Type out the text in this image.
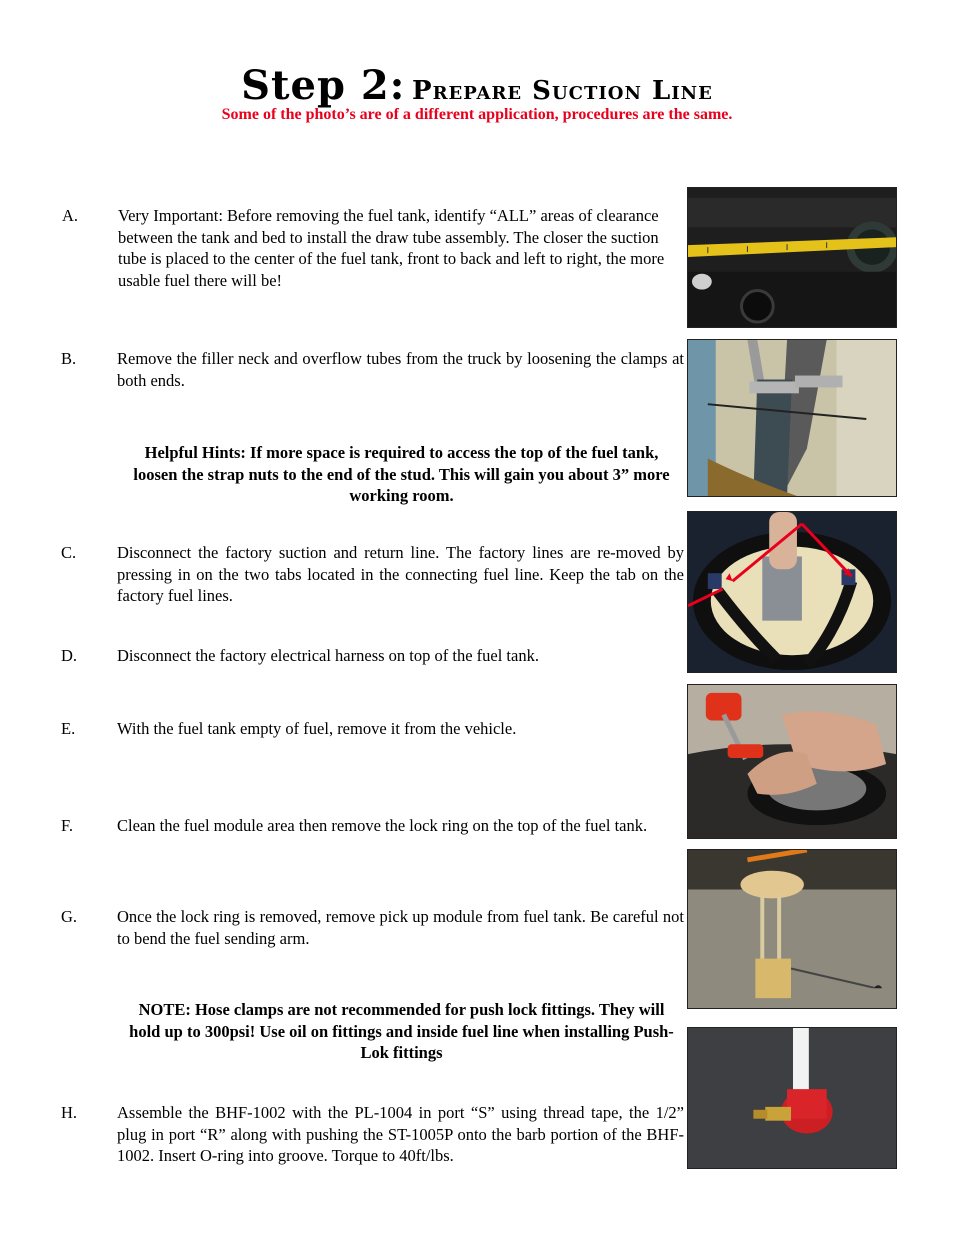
Step 2: Prepare Suction Line
Some of the photo’s are of a different application, procedures are the same.
A. Very Important: Before removing the fuel tank, identify “ALL” areas of clearance between the tank and bed to install the draw tube assembly. The closer the suction tube is placed to the center of the fuel tank, front to back and left to right, the more usable fuel there will be!
B. Remove the filler neck and overflow tubes from the truck by loosening the clamps at both ends.
Helpful Hints: If more space is required to access the top of the fuel tank, loosen the strap nuts to the end of the stud. This will gain you about 3” more working room.
C. Disconnect the factory suction and return line. The factory lines are re-moved by pressing in on the two tabs located in the connecting fuel line. Keep the tab on the factory fuel lines.
D. Disconnect the factory electrical harness on top of the fuel tank.
E.	With the fuel tank empty of fuel, remove it from the vehicle.
F.	Clean the fuel module area then remove the lock ring on the top of the fuel tank.
G. Once the lock ring is removed, remove pick up module from fuel tank. Be careful not to bend the fuel sending arm.
NOTE: Hose clamps are not recommended for push lock fittings. They will hold up to 300psi! Use oil on fittings and inside fuel line when installing Push-Lok fittings
H. Assemble the BHF-1002 with the PL-1004 in port “S” using thread tape, the 1/2” plug in port “R” along with pushing the ST-1005P onto the barb portion of the BHF-1002. Insert O-ring into groove. Torque to 40ft/lbs.
